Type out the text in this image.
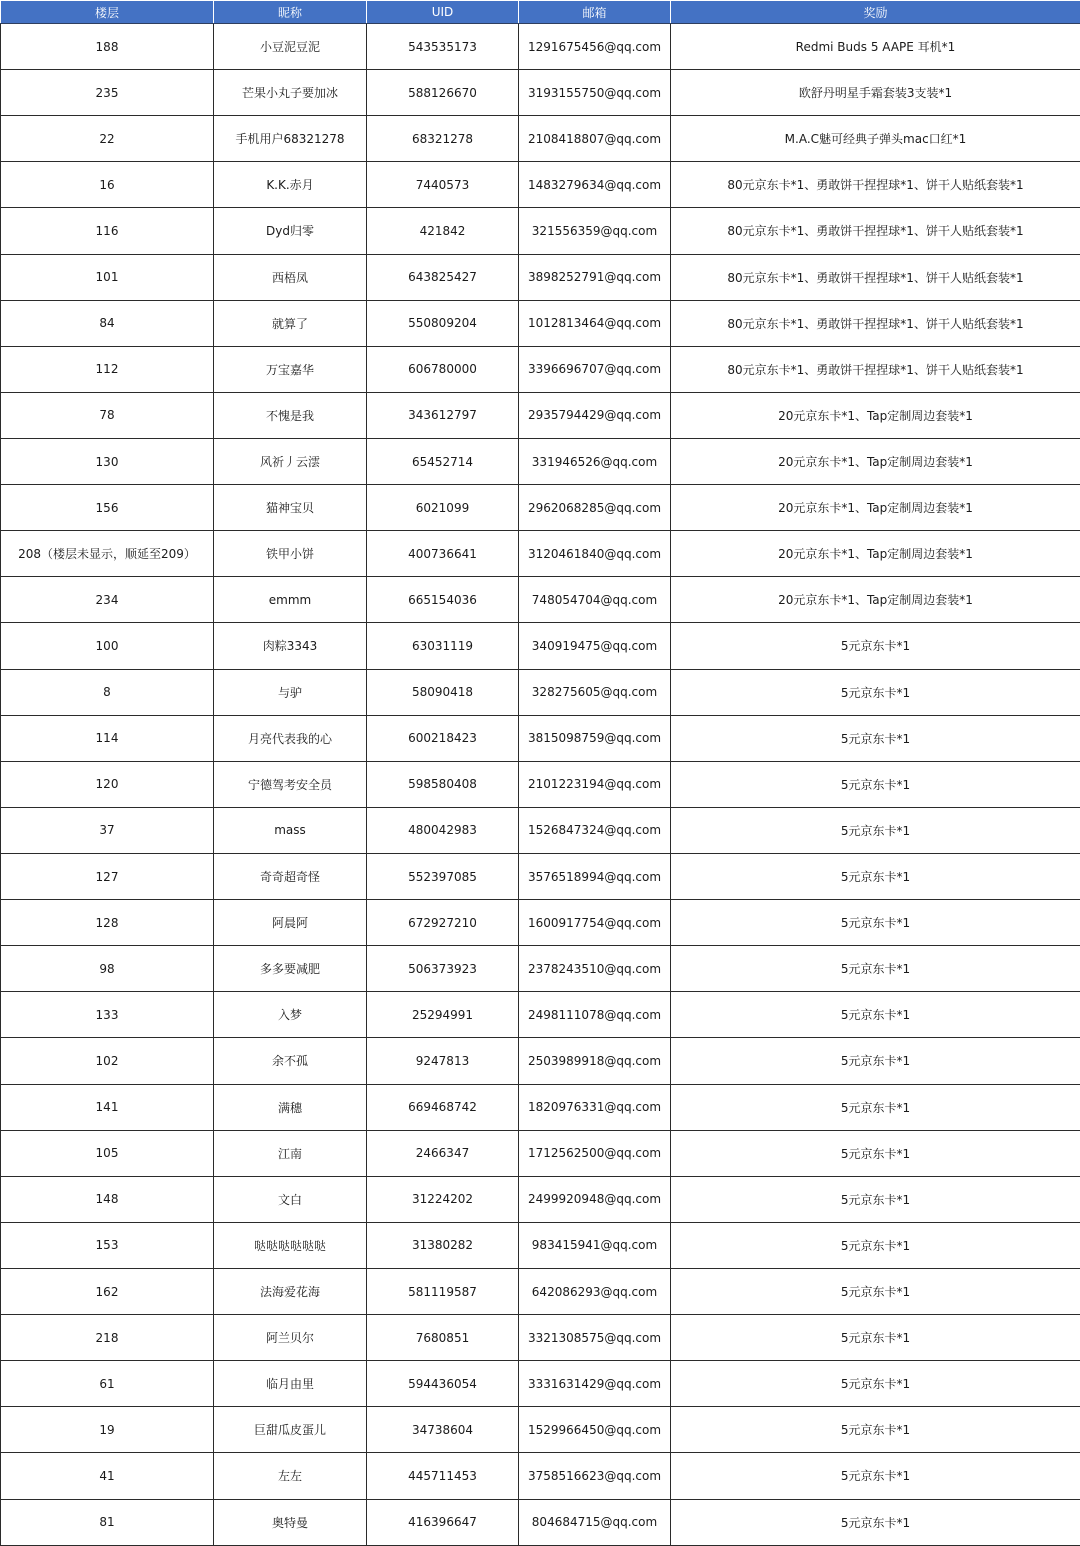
楼层	昵称	UID	邮箱	奖励
188	小豆泥豆泥	543535173	1291675456@qq.com	Redmi Buds 5 AAPE 耳机*1
235	芒果小丸子要加冰	588126670	3193155750@qq.com	欧舒丹明星手霜套装3支装*1
22	手机用户68321278	68321278	2108418807@qq.com	M.A.C魅可经典子弹头mac口红*1
16	K.K.赤月	7440573	1483279634@qq.com	80元京东卡*1、勇敢饼干捏捏球*1、饼干人贴纸套装*1
116	Dyd归零	421842	321556359@qq.com	80元京东卡*1、勇敢饼干捏捏球*1、饼干人贴纸套装*1
101	西梧凤	643825427	3898252791@qq.com	80元京东卡*1、勇敢饼干捏捏球*1、饼干人贴纸套装*1
84	就算了	550809204	1012813464@qq.com	80元京东卡*1、勇敢饼干捏捏球*1、饼干人贴纸套装*1
112	万宝嘉华	606780000	3396696707@qq.com	80元京东卡*1、勇敢饼干捏捏球*1、饼干人贴纸套装*1
78	不愧是我	343612797	2935794429@qq.com	20元京东卡*1、Tap定制周边套装*1
130	风祈丿云澐	65452714	331946526@qq.com	20元京东卡*1、Tap定制周边套装*1
156	猫神宝贝	6021099	2962068285@qq.com	20元京东卡*1、Tap定制周边套装*1
208（楼层未显示，顺延至209）	铁甲小饼	400736641	3120461840@qq.com	20元京东卡*1、Tap定制周边套装*1
234	emmm	665154036	748054704@qq.com	20元京东卡*1、Tap定制周边套装*1
100	肉粽3343	63031119	340919475@qq.com	5元京东卡*1
8	与驴	58090418	328275605@qq.com	5元京东卡*1
114	月亮代表我的心	600218423	3815098759@qq.com	5元京东卡*1
120	宁德驾考安全员	598580408	2101223194@qq.com	5元京东卡*1
37	mass	480042983	1526847324@qq.com	5元京东卡*1
127	奇奇超奇怪	552397085	3576518994@qq.com	5元京东卡*1
128	阿晨阿	672927210	1600917754@qq.com	5元京东卡*1
98	多多要减肥	506373923	2378243510@qq.com	5元京东卡*1
133	入梦	25294991	2498111078@qq.com	5元京东卡*1
102	余不孤	9247813	2503989918@qq.com	5元京东卡*1
141	满穗	669468742	1820976331@qq.com	5元京东卡*1
105	江南	2466347	1712562500@qq.com	5元京东卡*1
148	文白	31224202	2499920948@qq.com	5元京东卡*1
153	哒哒哒哒哒哒	31380282	983415941@qq.com	5元京东卡*1
162	法海爱花海	581119587	642086293@qq.com	5元京东卡*1
218	阿兰贝尔	7680851	3321308575@qq.com	5元京东卡*1
61	临月由里	594436054	3331631429@qq.com	5元京东卡*1
19	巨甜瓜皮蛋儿	34738604	1529966450@qq.com	5元京东卡*1
41	左左	445711453	3758516623@qq.com	5元京东卡*1
81	奥特曼	416396647	804684715@qq.com	5元京东卡*1
